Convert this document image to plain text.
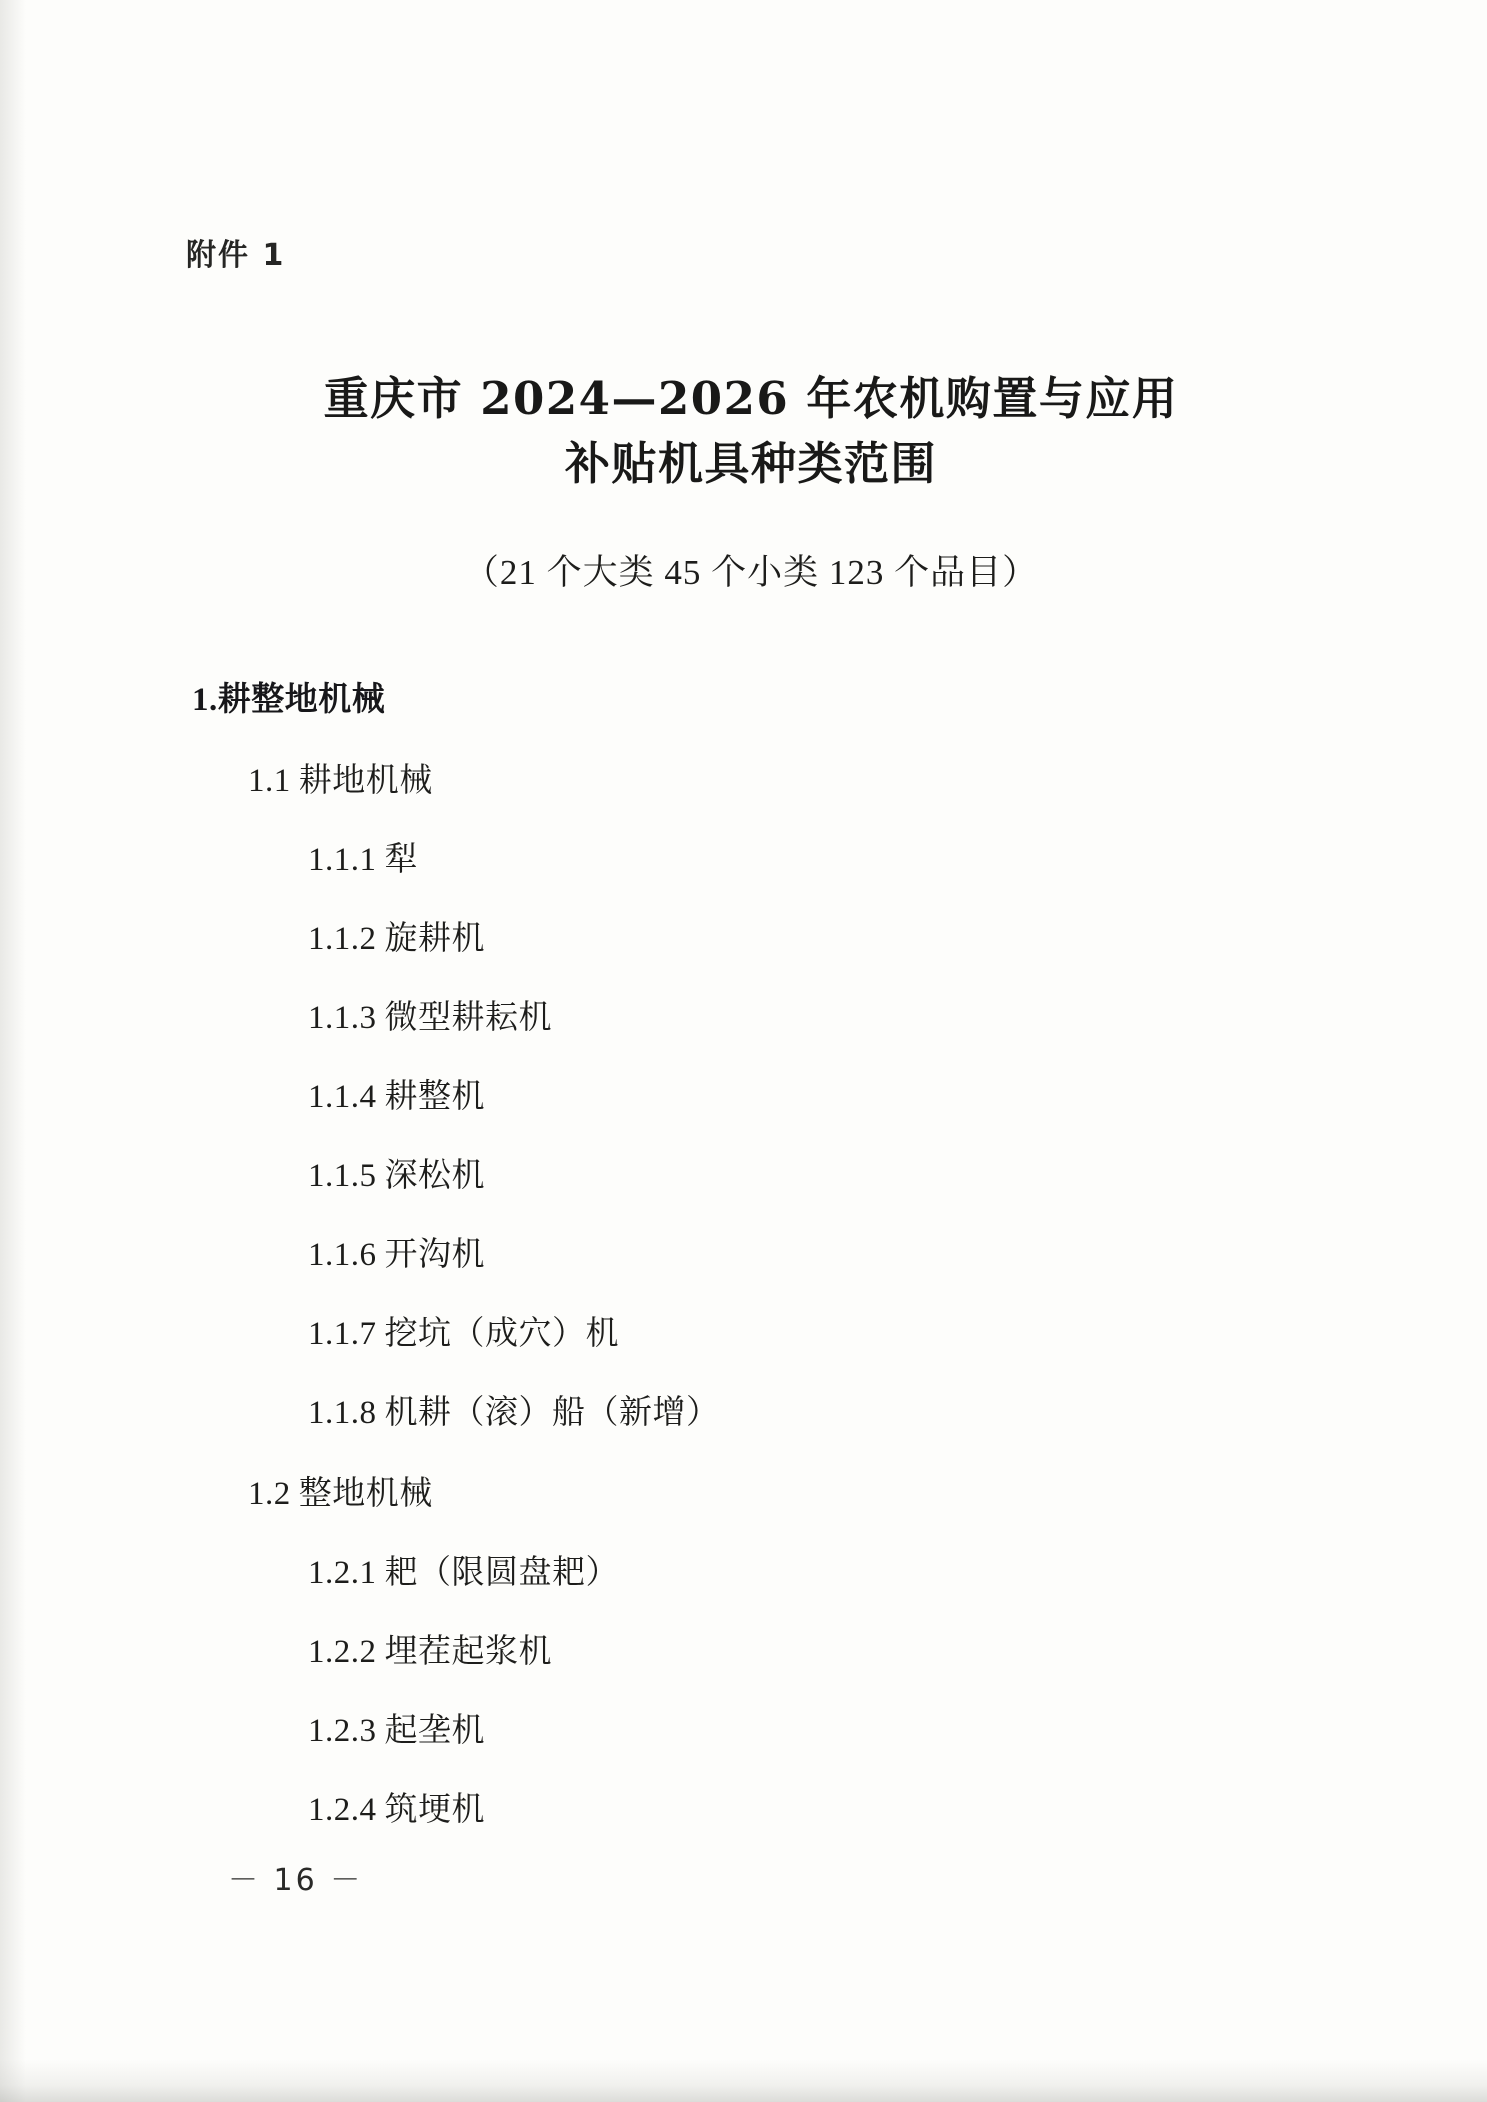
附件 1
重庆市 2024—2026 年农机购置与应用
补贴机具种类范围
（21 个大类 45 个小类 123 个品目）
1.耕整地机械
1.1 耕地机械
1.1.1 犁
1.1.2 旋耕机
1.1.3 微型耕耘机
1.1.4 耕整机
1.1.5 深松机
1.1.6 开沟机
1.1.7 挖坑（成穴）机
1.1.8 机耕（滚）船（新增）
1.2 整地机械
1.2.1 耙（限圆盘耙）
1.2.2 埋茬起浆机
1.2.3 起垄机
1.2.4 筑埂机
－ 16 －
